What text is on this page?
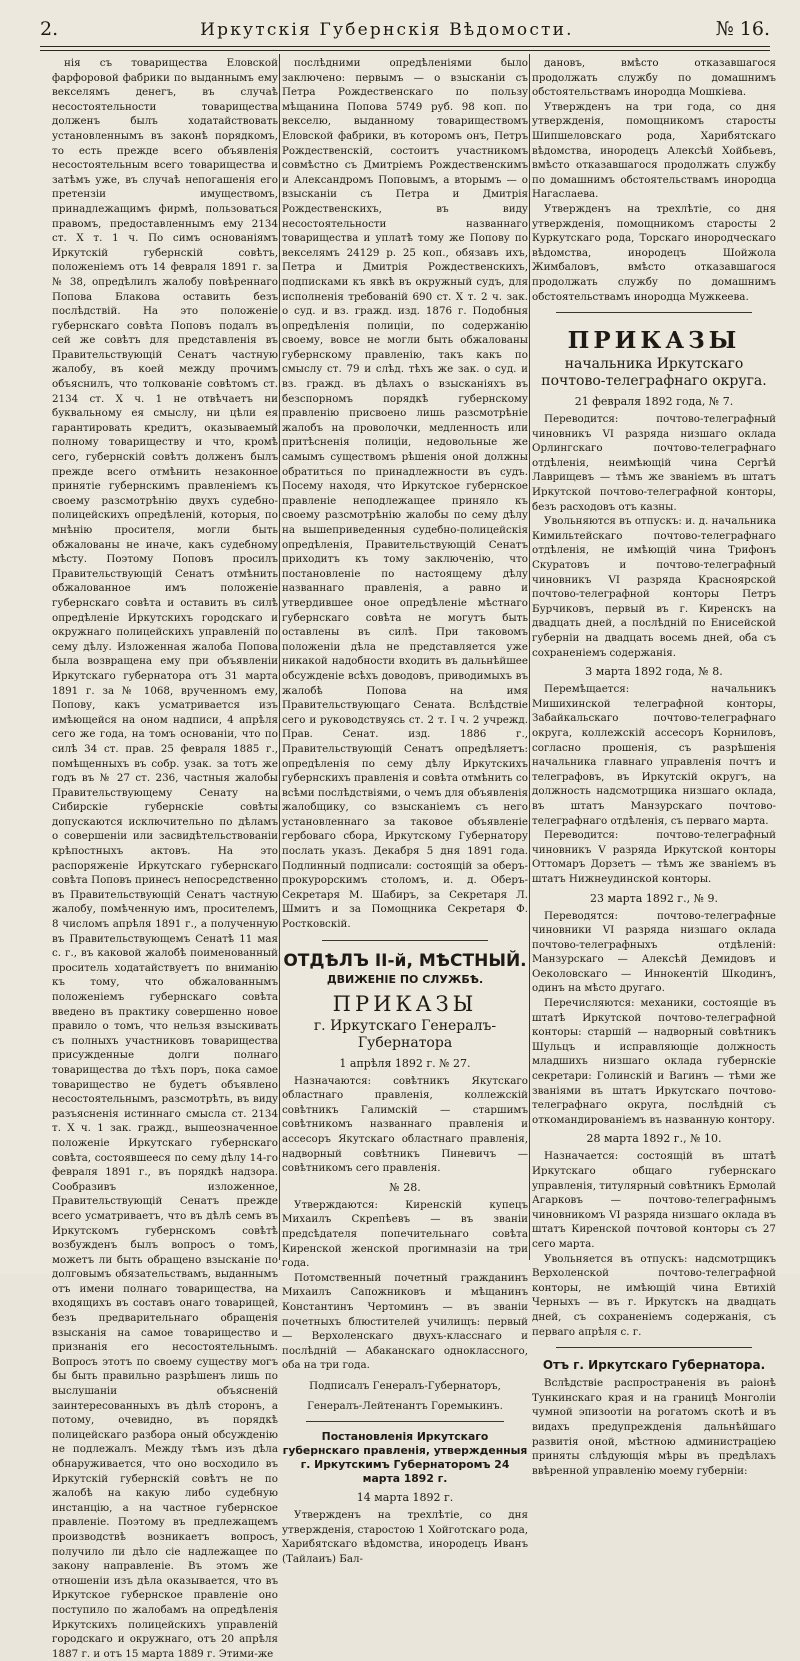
2.	Иркутскія Губернскія Вѣдомости.	№ 16.

нія съ товарищества Еловской фарфоровой фабрики по выданнымъ ему векселямъ денегъ, въ случаѣ несостоятельности товарищества долженъ былъ ходатайствовать установленнымъ въ законѣ порядкомъ, то есть прежде всего объявленія несостоятельным всего товарищества и затѣмъ уже, въ случаѣ непогашенія его претензіи имуществомъ, принадлежащимъ фирмѣ, пользоваться правомъ, предоставленнымъ ему 2134 ст. Х т. 1 ч. По симъ основаніямъ Иркутскій губернскій совѣтъ, положеніемъ отъ 14 февраля 1891 г. за № 38, опредѣлилъ жалобу повѣреннаго Попова Блакова оставить безъ послѣдствій. На это положеніе губернскаго совѣта Поповъ подалъ въ сей же совѣтъ для представленія въ Правительствующій Сенатъ частную жалобу, въ коей между прочимъ объяснилъ, что толкованіе совѣтомъ ст. 2134 ст. Х ч. 1 не отвѣчаетъ ни буквальному ея смыслу, ни цѣли ея гарантировать кредитъ, оказываемый полному товариществу и что, кромѣ сего, губернскій совѣтъ долженъ былъ прежде всего отмѣнить незаконное принятіе губернскимъ правленіемъ къ своему разсмотрѣнію двухъ судебно-полицейскихъ опредѣленій, которыя, по мнѣнію просителя, могли быть обжалованы не иначе, какъ судебному мѣсту. Поэтому Поповъ просилъ Правительствующій Сенатъ отмѣнить обжалованное имъ положеніе губернскаго совѣта и оставить въ силѣ опредѣленіе Иркутскихъ городскаго и окружнаго полицейскихъ управленій по сему дѣлу. Изложенная жалоба Попова была возвращена ему при объявленіи Иркутскаго губернатора отъ 31 марта 1891 г. за № 1068, врученномъ ему, Попову, какъ усматривается изъ имѣющейся на оном надписи, 4 апрѣля сего же года, на томъ основаніи, что по силѣ 34 ст. прав. 25 февраля 1885 г., помѣщенныхъ въ собр. узак. за тотъ же годъ въ № 27 ст. 236, частныя жалобы Правительствующему Сенату на Сибирскіе губернскіе совѣты допускаются исключительно по дѣламъ о совершеніи или засвидѣтельствованіи крѣпостныхъ актовъ. На это распоряженіе Иркутскаго губернскаго совѣта Поповъ принесъ непосредственно въ Правительствующій Сенатъ частную жалобу, помѣченную имъ, просителемъ, 8 числомъ апрѣля 1891 г., а полученную въ Правительствующемъ Сенатѣ 11 мая с. г., въ каковой жалобѣ поименованный проситель ходатайствуетъ по вниманію къ тому, что обжалованнымъ положеніемъ губернскаго совѣта введено въ практику совершенно новое правило о томъ, что нельзя взыскивать съ полныхъ участниковъ товарищества присужденные долги полнаго товарищества до тѣхъ поръ, пока самое товарищество не будетъ объявлено несостоятельнымъ, разсмотрѣть, въ виду разъясненія истиннаго смысла ст. 2134 т. Х ч. 1 зак. гражд., вышеозначенное положеніе Иркутскаго губернскаго совѣта, состоявшееся по сему дѣлу 14-го февраля 1891 г., въ порядкѣ надзора. Сообразивъ изложенное, Правительствующій Сенатъ прежде всего усматриваетъ, что въ дѣлѣ семъ въ Иркутскомъ губернскомъ совѣтѣ возбужденъ былъ вопросъ о томъ, можетъ ли быть обращено взысканіе по долговымъ обязательствамъ, выданнымъ отъ имени полнаго товарищества, на входящихъ въ составъ онаго товарищей, безъ предварительнаго обращенія взысканія на самое товарищество и признанія его несостоятельнымъ. Вопросъ этотъ по своему существу могъ бы быть правильно разрѣшенъ лишь по выслушаніи объясненій заинтересованныхъ въ дѣлѣ сторонъ, а потому, очевидно, въ порядкѣ полицейскаго разбора оный обсужденію не подлежалъ. Между тѣмъ изъ дѣла обнаруживается, что оно восходило въ Иркутскій губернскій совѣтъ не по жалобѣ на какую либо судебную инстанцію, а на частное губернское правленіе. Поэтому въ предлежащемъ производствѣ возникаетъ вопросъ, получило ли дѣло сіе надлежащее по закону направленіе. Въ этомъ же отношеніи изъ дѣла оказывается, что въ Иркутское губернское правленіе оно поступило по жалобамъ на опредѣленія Иркутскихъ полицейскихъ управленій городскаго и окружнаго, отъ 20 апрѣля 1887 г. и отъ 15 марта 1889 г. Этими-же

послѣдними опредѣленіями было заключено: первымъ — о взысканіи съ Петра Рождественскаго по пользу мѣщанина Попова 5749 руб. 98 коп. по векселю, выданному товариществомъ Еловской фабрики, въ которомъ онъ, Петръ Рождественскій, состоитъ участникомъ совмѣстно съ Дмитріемъ Рождественскимъ и Александромъ Поповымъ, а вторымъ — о взысканіи съ Петра и Дмитрія Рождественскихъ, въ виду несостоятельности названнаго товарищества и уплатѣ тому же Попову по векселямъ 24129 р. 25 коп., обязавъ ихъ, Петра и Дмитрія Рождественскихъ, подписками къ явкѣ въ окружный судъ, для исполненія требованій 690 ст. Х т. 2 ч. зак. о суд. и вз. гражд. изд. 1876 г. Подобныя опредѣленія полиціи, по содержанію своему, вовсе не могли быть обжалованы губернскому правленію, такъ какъ по смыслу ст. 79 и слѣд. тѣхъ же зак. о суд. и вз. гражд. въ дѣлахъ о взысканіяхъ въ безспорномъ порядкѣ губернскому правленію присвоено лишь разсмотрѣніе жалобъ на проволочки, медленность или притѣсненія полиціи, недовольные же самымъ существомъ рѣшенія оной должны обратиться по принадлежности въ судъ. Посему находя, что Иркутское губернское правленіе неподлежащее приняло къ своему разсмотрѣнію жалобы по сему дѣлу на вышеприведенныя судебно-полицейскія опредѣленія, Правительствующій Сенатъ приходитъ къ тому заключенію, что постановленіе по настоящему дѣлу названнаго правленія, а равно и утвердившее оное опредѣленіе мѣстнаго губернскаго совѣта не могутъ быть оставлены въ силѣ. При таковомъ положеніи дѣла не представляется уже никакой надобности входить въ дальнѣйшее обсужденіе всѣхъ доводовъ, приводимыхъ въ жалобѣ Попова на имя Правительствующаго Сената. Вслѣдствіе сего и руководствуясь ст. 2 т. I ч. 2 учрежд. Прав. Сенат. изд. 1886 г., Правительствующій Сенатъ опредѣляетъ: опредѣленія по сему дѣлу Иркутскихъ губернскихъ правленія и совѣта отмѣнить со всѣми послѣдствіями, о чемъ для объявленія жалобщику, со взысканіемъ съ него установленнаго за таковое объявленіе гербоваго сбора, Иркутскому Губернатору послать указъ. Декабря 5 дня 1891 года. Подлинный подписали: состоящій за оберъ-прокурорскимъ столомъ, и. д. Оберъ-Секретаря М. Шабиръ, за Секретаря Л. Шмитъ и за Помощника Секретаря Ф. Ростковскій.

ОТДѢЛЪ II-й, МѢСТНЫЙ.
ДВИЖЕНІЕ ПО СЛУЖБѢ.
ПРИКАЗЫ
г. Иркутскаго Генералъ-Губернатора
1 апрѣля 1892 г. № 27.

Назначаются: совѣтникъ Якутскаго областнаго правленія, коллежскій совѣтникъ Галимскій — старшимъ совѣтникомъ названнаго правленія и ассесоръ Якутскаго областнаго правленія, надворный совѣтникъ Пиневичъ — совѣтникомъ сего правленія.

№ 28.

Утверждаются: Киренскій купецъ Михаилъ Скрепѣевъ — въ званіи предсѣдателя попечительнаго совѣта Киренской женской прогимназіи на три года.

Потомственный почетный гражданинъ Михаилъ Сапожниковъ и мѣщанинъ Константинъ Чертоминъ — въ званіи почетныхъ блюстителей училищъ: первый — Верхоленскаго двухъ-класснаго и послѣдній — Абаканскаго одноклассного, оба на три года.

Подписалъ Генералъ-Губернаторъ,
Генералъ-Лейтенантъ Горемыкинъ.
Постановленія Иркутскаго губернскаго правленія, утвержденныя г. Иркутскимъ Губернаторомъ 24 марта 1892 г.
14 марта 1892 г.

Утвержденъ на трехлѣтіе, со дня утвержденія, старостою 1 Хойготскаго рода, Харибятскаго вѣдомства, инородецъ Иванъ (Тайлаиъ) Бал-

дановъ, вмѣсто отказавшагося продолжать службу по домашнимъ обстоятельствамъ инородца Мошкіева.

Утвержденъ на три года, со дня утвержденія, помощникомъ старосты Шипшеловскаго рода, Харибятскаго вѣдомства, инородецъ Алексѣй Хойбьевъ, вмѣсто отказавшагося продолжать службу по домашнимъ обстоятельствамъ инородца Нагаслаева.

Утвержденъ на трехлѣтіе, со дня утвержденія, помощникомъ старосты 2 Куркутскаго рода, Торскаго инородческаго вѣдомства, инородецъ Шойжола Жимбаловъ, вмѣсто отказавшагося продолжать службу по домашнимъ обстоятельствамъ инородца Мужкеева.

ПРИКАЗЫ
начальника Иркутскаго почтово-телеграфнаго округа.
21 февраля 1892 года, № 7.

Переводится: почтово-телеграфный чиновникъ VI разряда низшаго оклада Орлингскаго почтово-телеграфнаго отдѣленія, неимѣющій чина Сергѣй Лаврищевъ — тѣмъ же званіемъ въ штатъ Иркутской почтово-телеграфной конторы, безъ расходовъ отъ казны.

Увольняются въ отпускъ: и. д. начальника Кимильтейскаго почтово-телеграфнаго отдѣленія, не имѣющій чина Трифонъ Скуратовъ и почтово-телеграфный чиновникъ VI разряда Красноярской почтово-телеграфной конторы Петръ Бурчиковъ, первый въ г. Киренскъ на двадцать дней, а послѣдній по Енисейской губерніи на двадцать восемь дней, оба съ сохраненіемъ содержанія.

3 марта 1892 года, № 8.

Перемѣщается: начальникъ Мишихинской телеграфной конторы, Забайкальскаго почтово-телеграфнаго округа, коллежскій ассесоръ Корниловъ, согласно прошенія, съ разрѣшенія начальника главнаго управленія почтъ и телеграфовъ, въ Иркутскій округъ, на должность надсмотрщика низшаго оклада, въ штатъ Манзурскаго почтово-телеграфнаго отдѣленія, съ перваго марта.

Переводится: почтово-телеграфный чиновникъ V разряда Иркутской конторы Оттомаръ Дорзетъ — тѣмъ же званіемъ въ штатъ Нижнеудинской конторы.

23 марта 1892 г., № 9.

Переводятся: почтово-телеграфные чиновники VI разряда низшаго оклада почтово-телеграфныхъ отдѣленій: Манзурскаго — Алексѣй Демидовъ и Оеколовскаго — Иннокентій Шкодинъ, одинъ на мѣсто другаго.

Перечисляются: механики, состоящіе въ штатѣ Иркутской почтово-телеграфной конторы: старшій — надворный совѣтникъ Шульцъ и исправляющіе должность младшихъ низшаго оклада губернскіе секретари: Голинскій и Вагинъ — тѣми же званіями въ штатъ Иркутскаго почтово-телеграфнаго округа, послѣдній съ откомандированіемъ въ названную контору.

28 марта 1892 г., № 10.

Назначается: состоящій въ штатѣ Иркутскаго общаго губернскаго управленія, титулярный совѣтникъ Ермолай Агарковъ — почтово-телеграфнымъ чиновникомъ VI разряда низшаго оклада въ штатъ Киренской почтовой конторы съ 27 сего марта.

Увольняется въ отпускъ: надсмотрщикъ Верхоленской почтово-телеграфной конторы, не имѣющій чина Евтихій Черныхъ — въ г. Иркутскъ на двадцать дней, съ сохраненіемъ содержанія, съ перваго апрѣля с. г.

Отъ г. Иркутскаго Губернатора.

Вслѣдствіе распространенія въ раіонѣ Тункинскаго края и на границѣ Монголіи чумной эпизоотіи на рогатомъ скотѣ и въ видахъ предупрежденія дальнѣйшаго развитія оной, мѣстною администраціею приняты слѣдующія мѣры въ предѣлахъ ввѣренной управленію моему губерніи:
